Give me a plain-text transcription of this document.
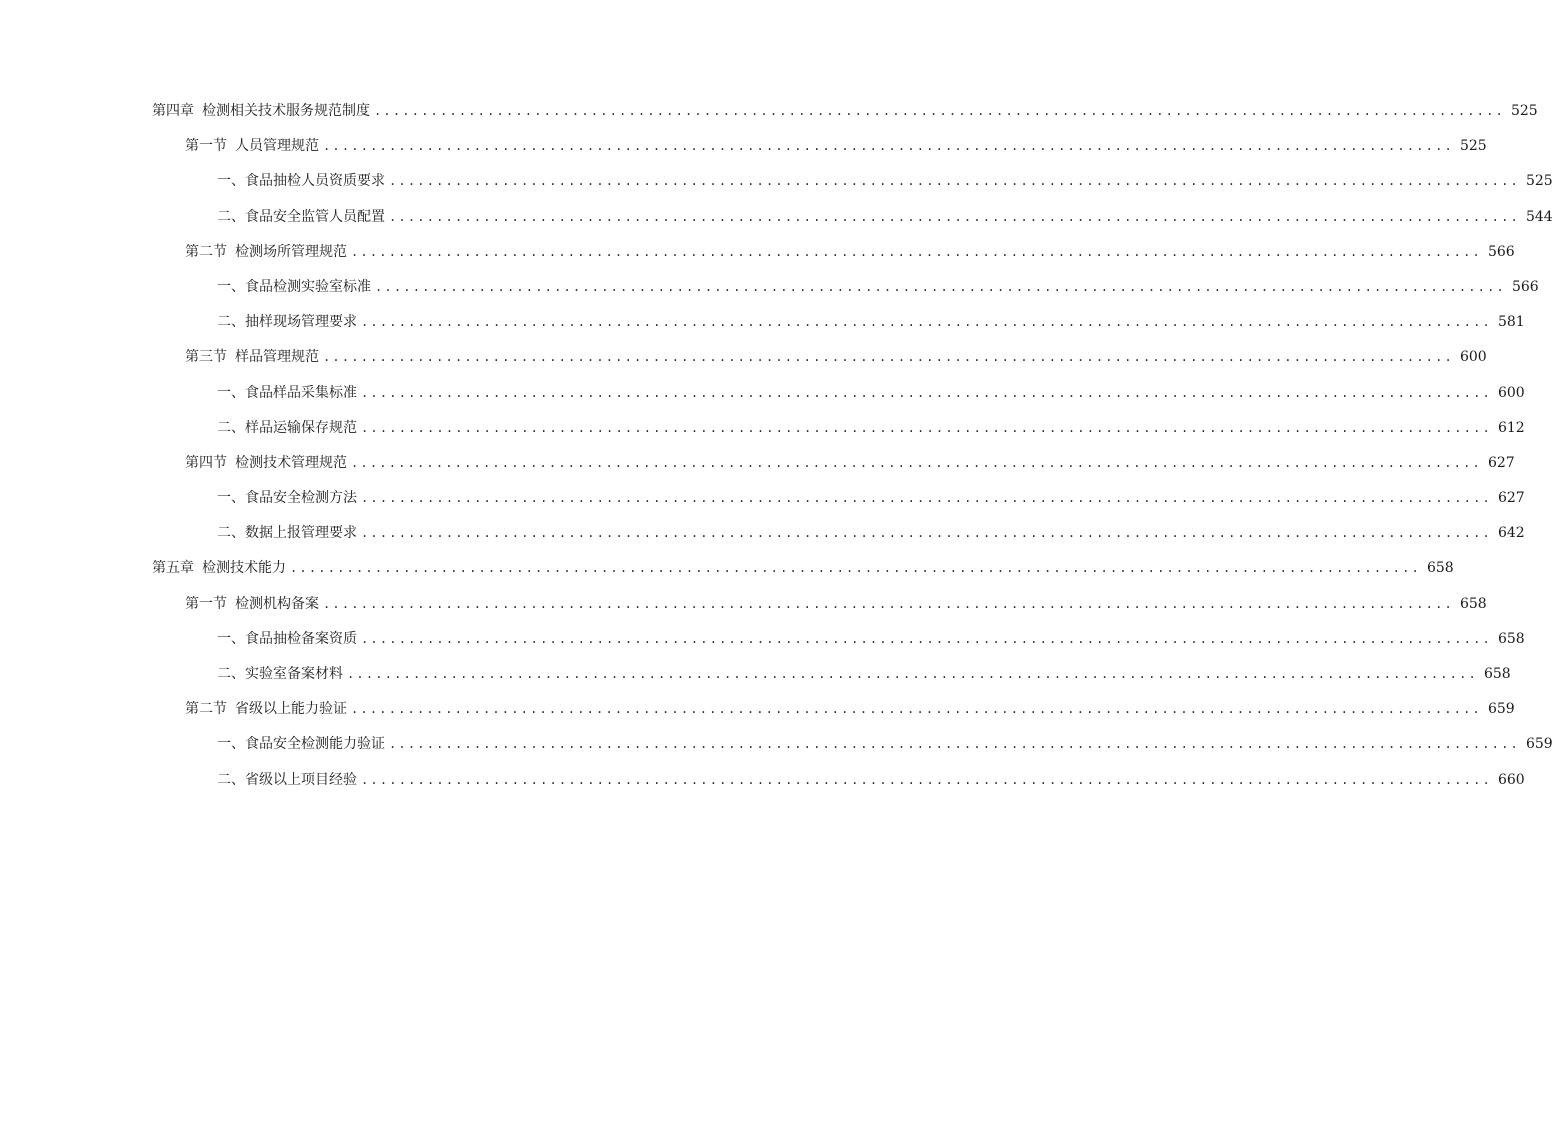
第四章 检测相关技术服务规范制度 ........................................................................................................................ 525
第一节 人员管理规范 ........................................................................................................................ 525
一、 食品抽检人员资质要求 ........................................................................................................................ 525
二、 食品安全监管人员配置 ........................................................................................................................ 544
第二节 检测场所管理规范 ........................................................................................................................ 566
一、 食品检测实验室标准 ........................................................................................................................ 566
二、 抽样现场管理要求 ........................................................................................................................ 581
第三节 样品管理规范 ........................................................................................................................ 600
一、 食品样品采集标准 ........................................................................................................................ 600
二、 样品运输保存规范 ........................................................................................................................ 612
第四节 检测技术管理规范 ........................................................................................................................ 627
一、 食品安全检测方法 ........................................................................................................................ 627
二、 数据上报管理要求 ........................................................................................................................ 642
第五章 检测技术能力 ........................................................................................................................ 658
第一节 检测机构备案 ........................................................................................................................ 658
一、 食品抽检备案资质 ........................................................................................................................ 658
二、 实验室备案材料 ........................................................................................................................ 658
第二节 省级以上能力验证 ........................................................................................................................ 659
一、 食品安全检测能力验证 ........................................................................................................................ 659
二、 省级以上项目经验 ........................................................................................................................ 660
